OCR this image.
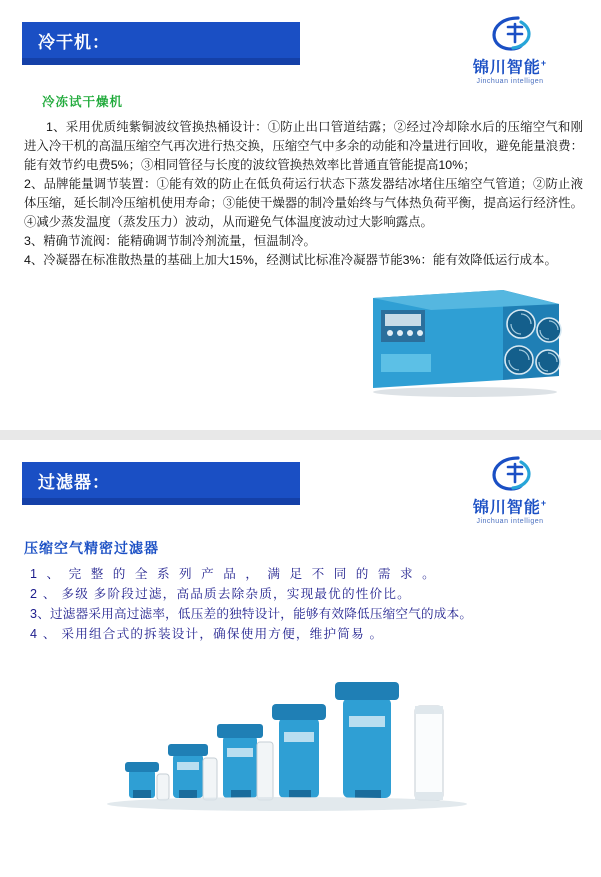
冷干机：
锦川智能+
Jinchuan intelligen
冷冻试干燥机

1、采用优质纯紫铜波纹管换热桶设计：①防止出口管道结露；②经过冷却除水后的压缩空气和刚进入冷干机的高温压缩空气再次进行热交换，压缩空气中多余的动能和冷量进行回收，避免能量浪费：能有效节约电费5%；③相同管径与长度的波纹管换热效率比普通直管能提高10%；

2、品牌能量调节装置：①能有效的防止在低负荷运行状态下蒸发器结冰堵住压缩空气管道；②防止液体压缩，延长制冷压缩机使用寿命；③能使干燥器的制冷量始终与气体热负荷平衡，提高运行经济性。④减少蒸发温度（蒸发压力）波动，从而避免气体温度波动过大影响露点。

3、精确节流阀：能精确调节制冷剂流量，恒温制冷。

4、冷凝器在标准散热量的基础上加大15%，经测试比标准冷凝器节能3%：能有效降低运行成本。

过滤器：
锦川智能+
Jinchuan intelligen
压缩空气精密过滤器

1 、 完 整 的 全 系 列 产 品 ， 满 足 不 同 的 需 求 。

2 、 多级 多阶段过滤，高品质去除杂质，实现最优的性价比。

3、过滤器采用高过滤率，低压差的独特设计，能够有效降低压缩空气的成本。

4 、 采用组合式的拆装设计，确保使用方便，维护简易 。
